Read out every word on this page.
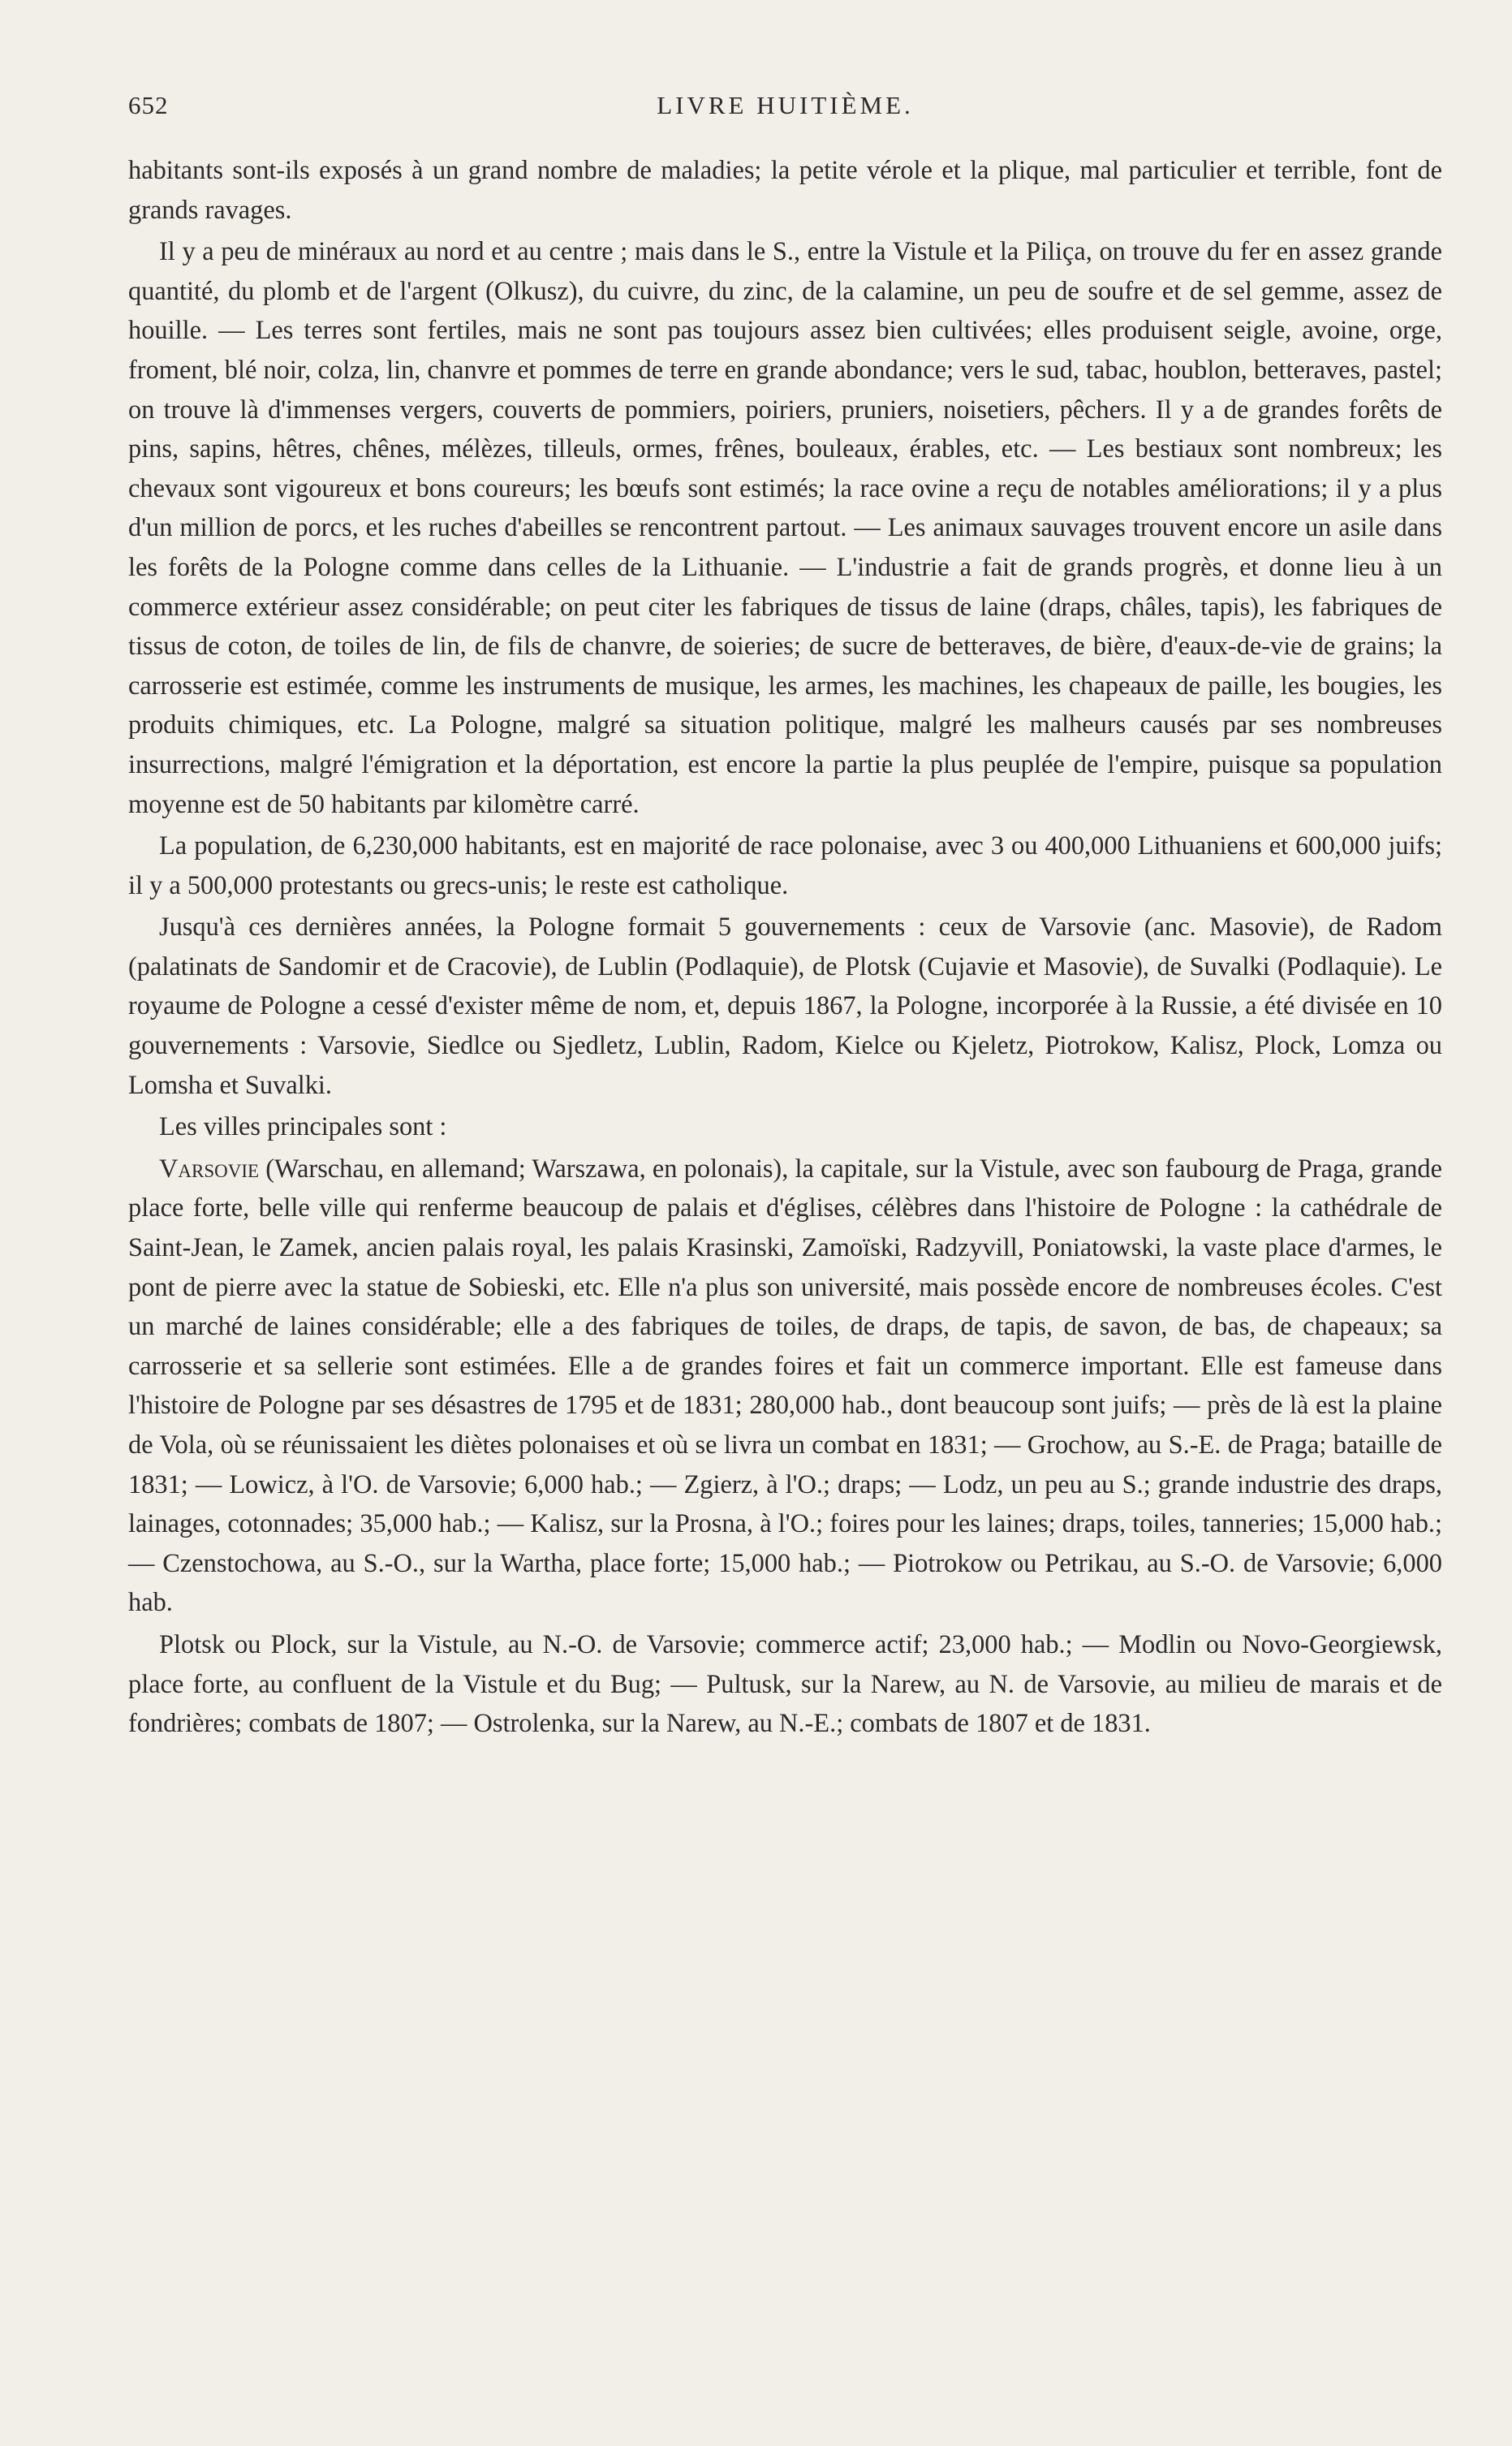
652	LIVRE HUITIÈME.

habitants sont-ils exposés à un grand nombre de maladies; la petite vérole et la plique, mal particulier et terrible, font de grands ravages.

Il y a peu de minéraux au nord et au centre ; mais dans le S., entre la Vistule et la Piliça, on trouve du fer en assez grande quantité, du plomb et de l'argent (Olkusz), du cuivre, du zinc, de la calamine, un peu de soufre et de sel gemme, assez de houille. — Les terres sont fertiles, mais ne sont pas toujours assez bien cultivées; elles produisent seigle, avoine, orge, froment, blé noir, colza, lin, chanvre et pommes de terre en grande abondance; vers le sud, tabac, houblon, betteraves, pastel; on trouve là d'immenses vergers, couverts de pommiers, poiriers, pruniers, noisetiers, pêchers. Il y a de grandes forêts de pins, sapins, hêtres, chênes, mélèzes, tilleuls, ormes, frênes, bouleaux, érables, etc. — Les bestiaux sont nombreux; les chevaux sont vigoureux et bons coureurs; les bœufs sont estimés; la race ovine a reçu de notables améliorations; il y a plus d'un million de porcs, et les ruches d'abeilles se rencontrent partout. — Les animaux sauvages trouvent encore un asile dans les forêts de la Pologne comme dans celles de la Lithuanie. — L'industrie a fait de grands progrès, et donne lieu à un commerce extérieur assez considérable; on peut citer les fabriques de tissus de laine (draps, châles, tapis), les fabriques de tissus de coton, de toiles de lin, de fils de chanvre, de soieries; de sucre de betteraves, de bière, d'eaux-de-vie de grains; la carrosserie est estimée, comme les instruments de musique, les armes, les machines, les chapeaux de paille, les bougies, les produits chimiques, etc. La Pologne, malgré sa situation politique, malgré les malheurs causés par ses nombreuses insurrections, malgré l'émigration et la déportation, est encore la partie la plus peuplée de l'empire, puisque sa population moyenne est de 50 habitants par kilomètre carré.

La population, de 6,230,000 habitants, est en majorité de race polonaise, avec 3 ou 400,000 Lithuaniens et 600,000 juifs; il y a 500,000 protestants ou grecs-unis; le reste est catholique.

Jusqu'à ces dernières années, la Pologne formait 5 gouvernements : ceux de Varsovie (anc. Masovie), de Radom (palatinats de Sandomir et de Cracovie), de Lublin (Podlaquie), de Plotsk (Cujavie et Masovie), de Suvalki (Podlaquie). Le royaume de Pologne a cessé d'exister même de nom, et, depuis 1867, la Pologne, incorporée à la Russie, a été divisée en 10 gouvernements : Varsovie, Siedlce ou Sjedletz, Lublin, Radom, Kielce ou Kjeletz, Piotrokow, Kalisz, Plock, Lomza ou Lomsha et Suvalki.

Les villes principales sont :

Varsovie (Warschau, en allemand; Warszawa, en polonais), la capitale, sur la Vistule, avec son faubourg de Praga, grande place forte, belle ville qui renferme beaucoup de palais et d'églises, célèbres dans l'histoire de Pologne : la cathédrale de Saint-Jean, le Zamek, ancien palais royal, les palais Krasinski, Zamoïski, Radzyvill, Poniatowski, la vaste place d'armes, le pont de pierre avec la statue de Sobieski, etc. Elle n'a plus son université, mais possède encore de nombreuses écoles. C'est un marché de laines considérable; elle a des fabriques de toiles, de draps, de tapis, de savon, de bas, de chapeaux; sa carrosserie et sa sellerie sont estimées. Elle a de grandes foires et fait un commerce important. Elle est fameuse dans l'histoire de Pologne par ses désastres de 1795 et de 1831; 280,000 hab., dont beaucoup sont juifs; — près de là est la plaine de Vola, où se réunissaient les diètes polonaises et où se livra un combat en 1831; — Grochow, au S.-E. de Praga; bataille de 1831; — Lowicz, à l'O. de Varsovie; 6,000 hab.; — Zgierz, à l'O.; draps; — Lodz, un peu au S.; grande industrie des draps, lainages, cotonnades; 35,000 hab.; — Kalisz, sur la Prosna, à l'O.; foires pour les laines; draps, toiles, tanneries; 15,000 hab.; — Czenstochowa, au S.-O., sur la Wartha, place forte; 15,000 hab.; — Piotrokow ou Petrikau, au S.-O. de Varsovie; 6,000 hab.

Plotsk ou Plock, sur la Vistule, au N.-O. de Varsovie; commerce actif; 23,000 hab.; — Modlin ou Novo-Georgiewsk, place forte, au confluent de la Vistule et du Bug; — Pultusk, sur la Narew, au N. de Varsovie, au milieu de marais et de fondrières; combats de 1807; — Ostrolenka, sur la Narew, au N.-E.; combats de 1807 et de 1831.
